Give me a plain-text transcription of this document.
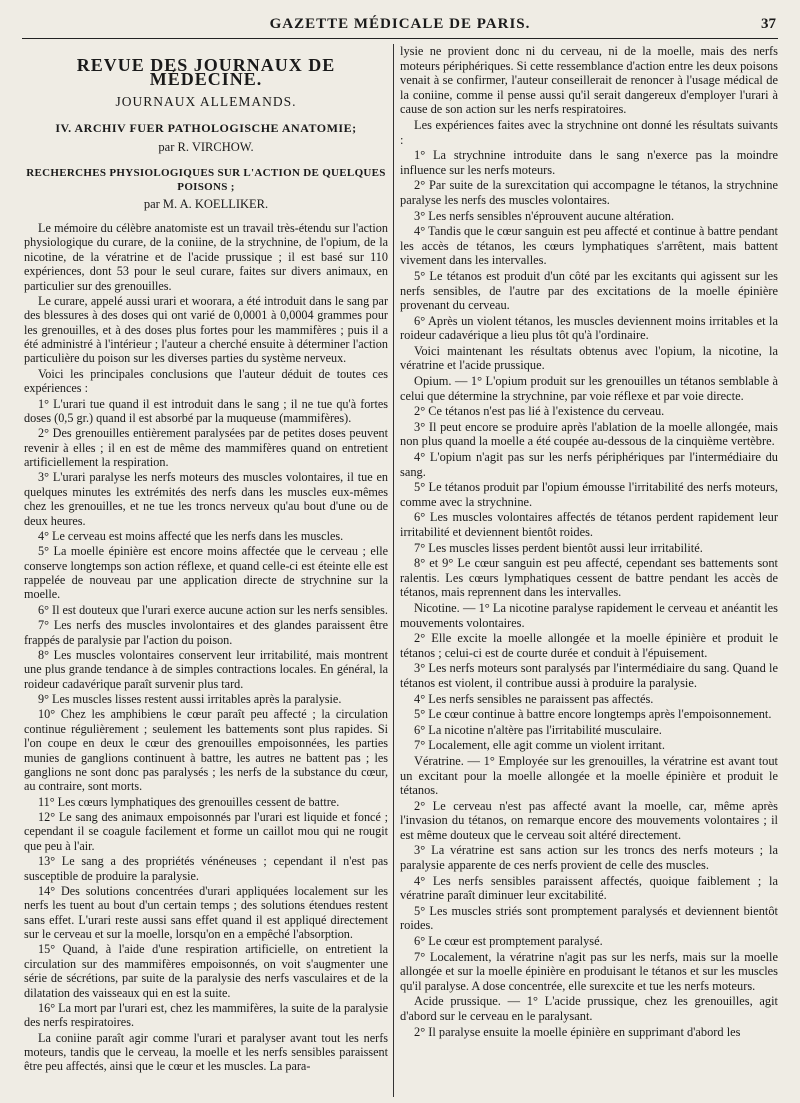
GAZETTE MÉDICALE DE PARIS.	37
REVUE DES JOURNAUX DE MÉDECINE.
JOURNAUX ALLEMANDS.
IV. ARCHIV FUER PATHOLOGISCHE ANATOMIE;
par R. VIRCHOW.
RECHERCHES PHYSIOLOGIQUES SUR L'ACTION DE QUELQUES POISONS ;
par M. A. KOELLIKER.

Le mémoire du célèbre anatomiste est un travail très-étendu sur l'action physiologique du curare, de la coniine, de la strychnine, de l'opium, de la nicotine, de la vératrine et de l'acide prussique ; il est basé sur 110 expériences, dont 53 pour le seul curare, faites sur divers animaux, en particulier sur des grenouilles.

Le curare, appelé aussi urari et woorara, a été introduit dans le sang par des blessures à des doses qui ont varié de 0,0001 à 0,0004 grammes pour les grenouilles, et à des doses plus fortes pour les mammifères ; puis il a été administré à l'intérieur ; l'auteur a cherché ensuite à déterminer l'action particulière du poison sur les diverses parties du système nerveux.

Voici les principales conclusions que l'auteur déduit de toutes ces expériences :

1° L'urari tue quand il est introduit dans le sang ; il ne tue qu'à fortes doses (0,5 gr.) quand il est absorbé par la muqueuse (mammifères).

2° Des grenouilles entièrement paralysées par de petites doses peuvent revenir à elles ; il en est de même des mammifères quand on entretient artificiellement la respiration.

3° L'urari paralyse les nerfs moteurs des muscles volontaires, il tue en quelques minutes les extrémités des nerfs dans les muscles eux-mêmes chez les grenouilles, et ne tue les troncs nerveux qu'au bout d'une ou de deux heures.

4° Le cerveau est moins affecté que les nerfs dans les muscles.

5° La moelle épinière est encore moins affectée que le cerveau ; elle conserve longtemps son action réflexe, et quand celle-ci est éteinte elle est rappelée de nouveau par une application directe de strychnine sur la moelle.

6° Il est douteux que l'urari exerce aucune action sur les nerfs sensibles.

7° Les nerfs des muscles involontaires et des glandes paraissent être frappés de paralysie par l'action du poison.

8° Les muscles volontaires conservent leur irritabilité, mais montrent une plus grande tendance à de simples contractions locales. En général, la roideur cadavérique paraît survenir plus tard.

9° Les muscles lisses restent aussi irritables après la paralysie.

10° Chez les amphibiens le cœur paraît peu affecté ; la circulation continue régulièrement ; seulement les battements sont plus rapides. Si l'on coupe en deux le cœur des grenouilles empoisonnées, les parties munies de ganglions continuent à battre, les autres ne battent pas ; les ganglions ne sont donc pas paralysés ; les nerfs de la substance du cœur, au contraire, sont morts.

11° Les cœurs lymphatiques des grenouilles cessent de battre.

12° Le sang des animaux empoisonnés par l'urari est liquide et foncé ; cependant il se coagule facilement et forme un caillot mou qui ne rougit que peu à l'air.

13° Le sang a des propriétés vénéneuses ; cependant il n'est pas susceptible de produire la paralysie.

14° Des solutions concentrées d'urari appliquées localement sur les nerfs les tuent au bout d'un certain temps ; des solutions étendues restent sans effet. L'urari reste aussi sans effet quand il est appliqué directement sur le cerveau et sur la moelle, lorsqu'on en a empêché l'absorption.

15° Quand, à l'aide d'une respiration artificielle, on entretient la circulation sur des mammifères empoisonnés, on voit s'augmenter une série de sécrétions, par suite de la paralysie des nerfs vasculaires et de la dilatation des vaisseaux qui en est la suite.

16° La mort par l'urari est, chez les mammifères, la suite de la paralysie des nerfs respiratoires.

La coniine paraît agir comme l'urari et paralyser avant tout les nerfs moteurs, tandis que le cerveau, la moelle et les nerfs sensibles paraissent être peu affectés, ainsi que le cœur et les muscles. La para-

lysie ne provient donc ni du cerveau, ni de la moelle, mais des nerfs moteurs périphériques. Si cette ressemblance d'action entre les deux poisons venait à se confirmer, l'auteur conseillerait de renoncer à l'usage médical de la coniine, comme il pense aussi qu'il serait dangereux d'employer l'urari à cause de son action sur les nerfs respiratoires.

Les expériences faites avec la strychnine ont donné les résultats suivants :

1° La strychnine introduite dans le sang n'exerce pas la moindre influence sur les nerfs moteurs.

2° Par suite de la surexcitation qui accompagne le tétanos, la strychnine paralyse les nerfs des muscles volontaires.

3° Les nerfs sensibles n'éprouvent aucune altération.

4° Tandis que le cœur sanguin est peu affecté et continue à battre pendant les accès de tétanos, les cœurs lymphatiques s'arrêtent, mais battent vivement dans les intervalles.

5° Le tétanos est produit d'un côté par les excitants qui agissent sur les nerfs sensibles, de l'autre par des excitations de la moelle épinière provenant du cerveau.

6° Après un violent tétanos, les muscles deviennent moins irritables et la roideur cadavérique a lieu plus tôt qu'à l'ordinaire.

Voici maintenant les résultats obtenus avec l'opium, la nicotine, la vératrine et l'acide prussique.

Opium. — 1° L'opium produit sur les grenouilles un tétanos semblable à celui que détermine la strychnine, par voie réflexe et par voie directe.

2° Ce tétanos n'est pas lié à l'existence du cerveau.

3° Il peut encore se produire après l'ablation de la moelle allongée, mais non plus quand la moelle a été coupée au-dessous de la cinquième vertèbre.

4° L'opium n'agit pas sur les nerfs périphériques par l'intermédiaire du sang.

5° Le tétanos produit par l'opium émousse l'irritabilité des nerfs moteurs, comme avec la strychnine.

6° Les muscles volontaires affectés de tétanos perdent rapidement leur irritabilité et deviennent bientôt roides.

7° Les muscles lisses perdent bientôt aussi leur irritabilité.

8° et 9° Le cœur sanguin est peu affecté, cependant ses battements sont ralentis. Les cœurs lymphatiques cessent de battre pendant les accès de tétanos, mais reprennent dans les intervalles.

Nicotine. — 1° La nicotine paralyse rapidement le cerveau et anéantit les mouvements volontaires.

2° Elle excite la moelle allongée et la moelle épinière et produit le tétanos ; celui-ci est de courte durée et conduit à l'épuisement.

3° Les nerfs moteurs sont paralysés par l'intermédiaire du sang. Quand le tétanos est violent, il contribue aussi à produire la paralysie.

4° Les nerfs sensibles ne paraissent pas affectés.

5° Le cœur continue à battre encore longtemps après l'empoisonnement.

6° La nicotine n'altère pas l'irritabilité musculaire.

7° Localement, elle agit comme un violent irritant.

Vératrine. — 1° Employée sur les grenouilles, la vératrine est avant tout un excitant pour la moelle allongée et la moelle épinière et produit le tétanos.

2° Le cerveau n'est pas affecté avant la moelle, car, même après l'invasion du tétanos, on remarque encore des mouvements volontaires ; il est même douteux que le cerveau soit altéré directement.

3° La vératrine est sans action sur les troncs des nerfs moteurs ; la paralysie apparente de ces nerfs provient de celle des muscles.

4° Les nerfs sensibles paraissent affectés, quoique faiblement ; la vératrine paraît diminuer leur excitabilité.

5° Les muscles striés sont promptement paralysés et deviennent bientôt roides.

6° Le cœur est promptement paralysé.

7° Localement, la vératrine n'agit pas sur les nerfs, mais sur la moelle allongée et sur la moelle épinière en produisant le tétanos et sur les muscles qu'il paralyse. A dose concentrée, elle surexcite et tue les nerfs moteurs.

Acide prussique. — 1° L'acide prussique, chez les grenouilles, agit d'abord sur le cerveau en le paralysant.

2° Il paralyse ensuite la moelle épinière en supprimant d'abord les
